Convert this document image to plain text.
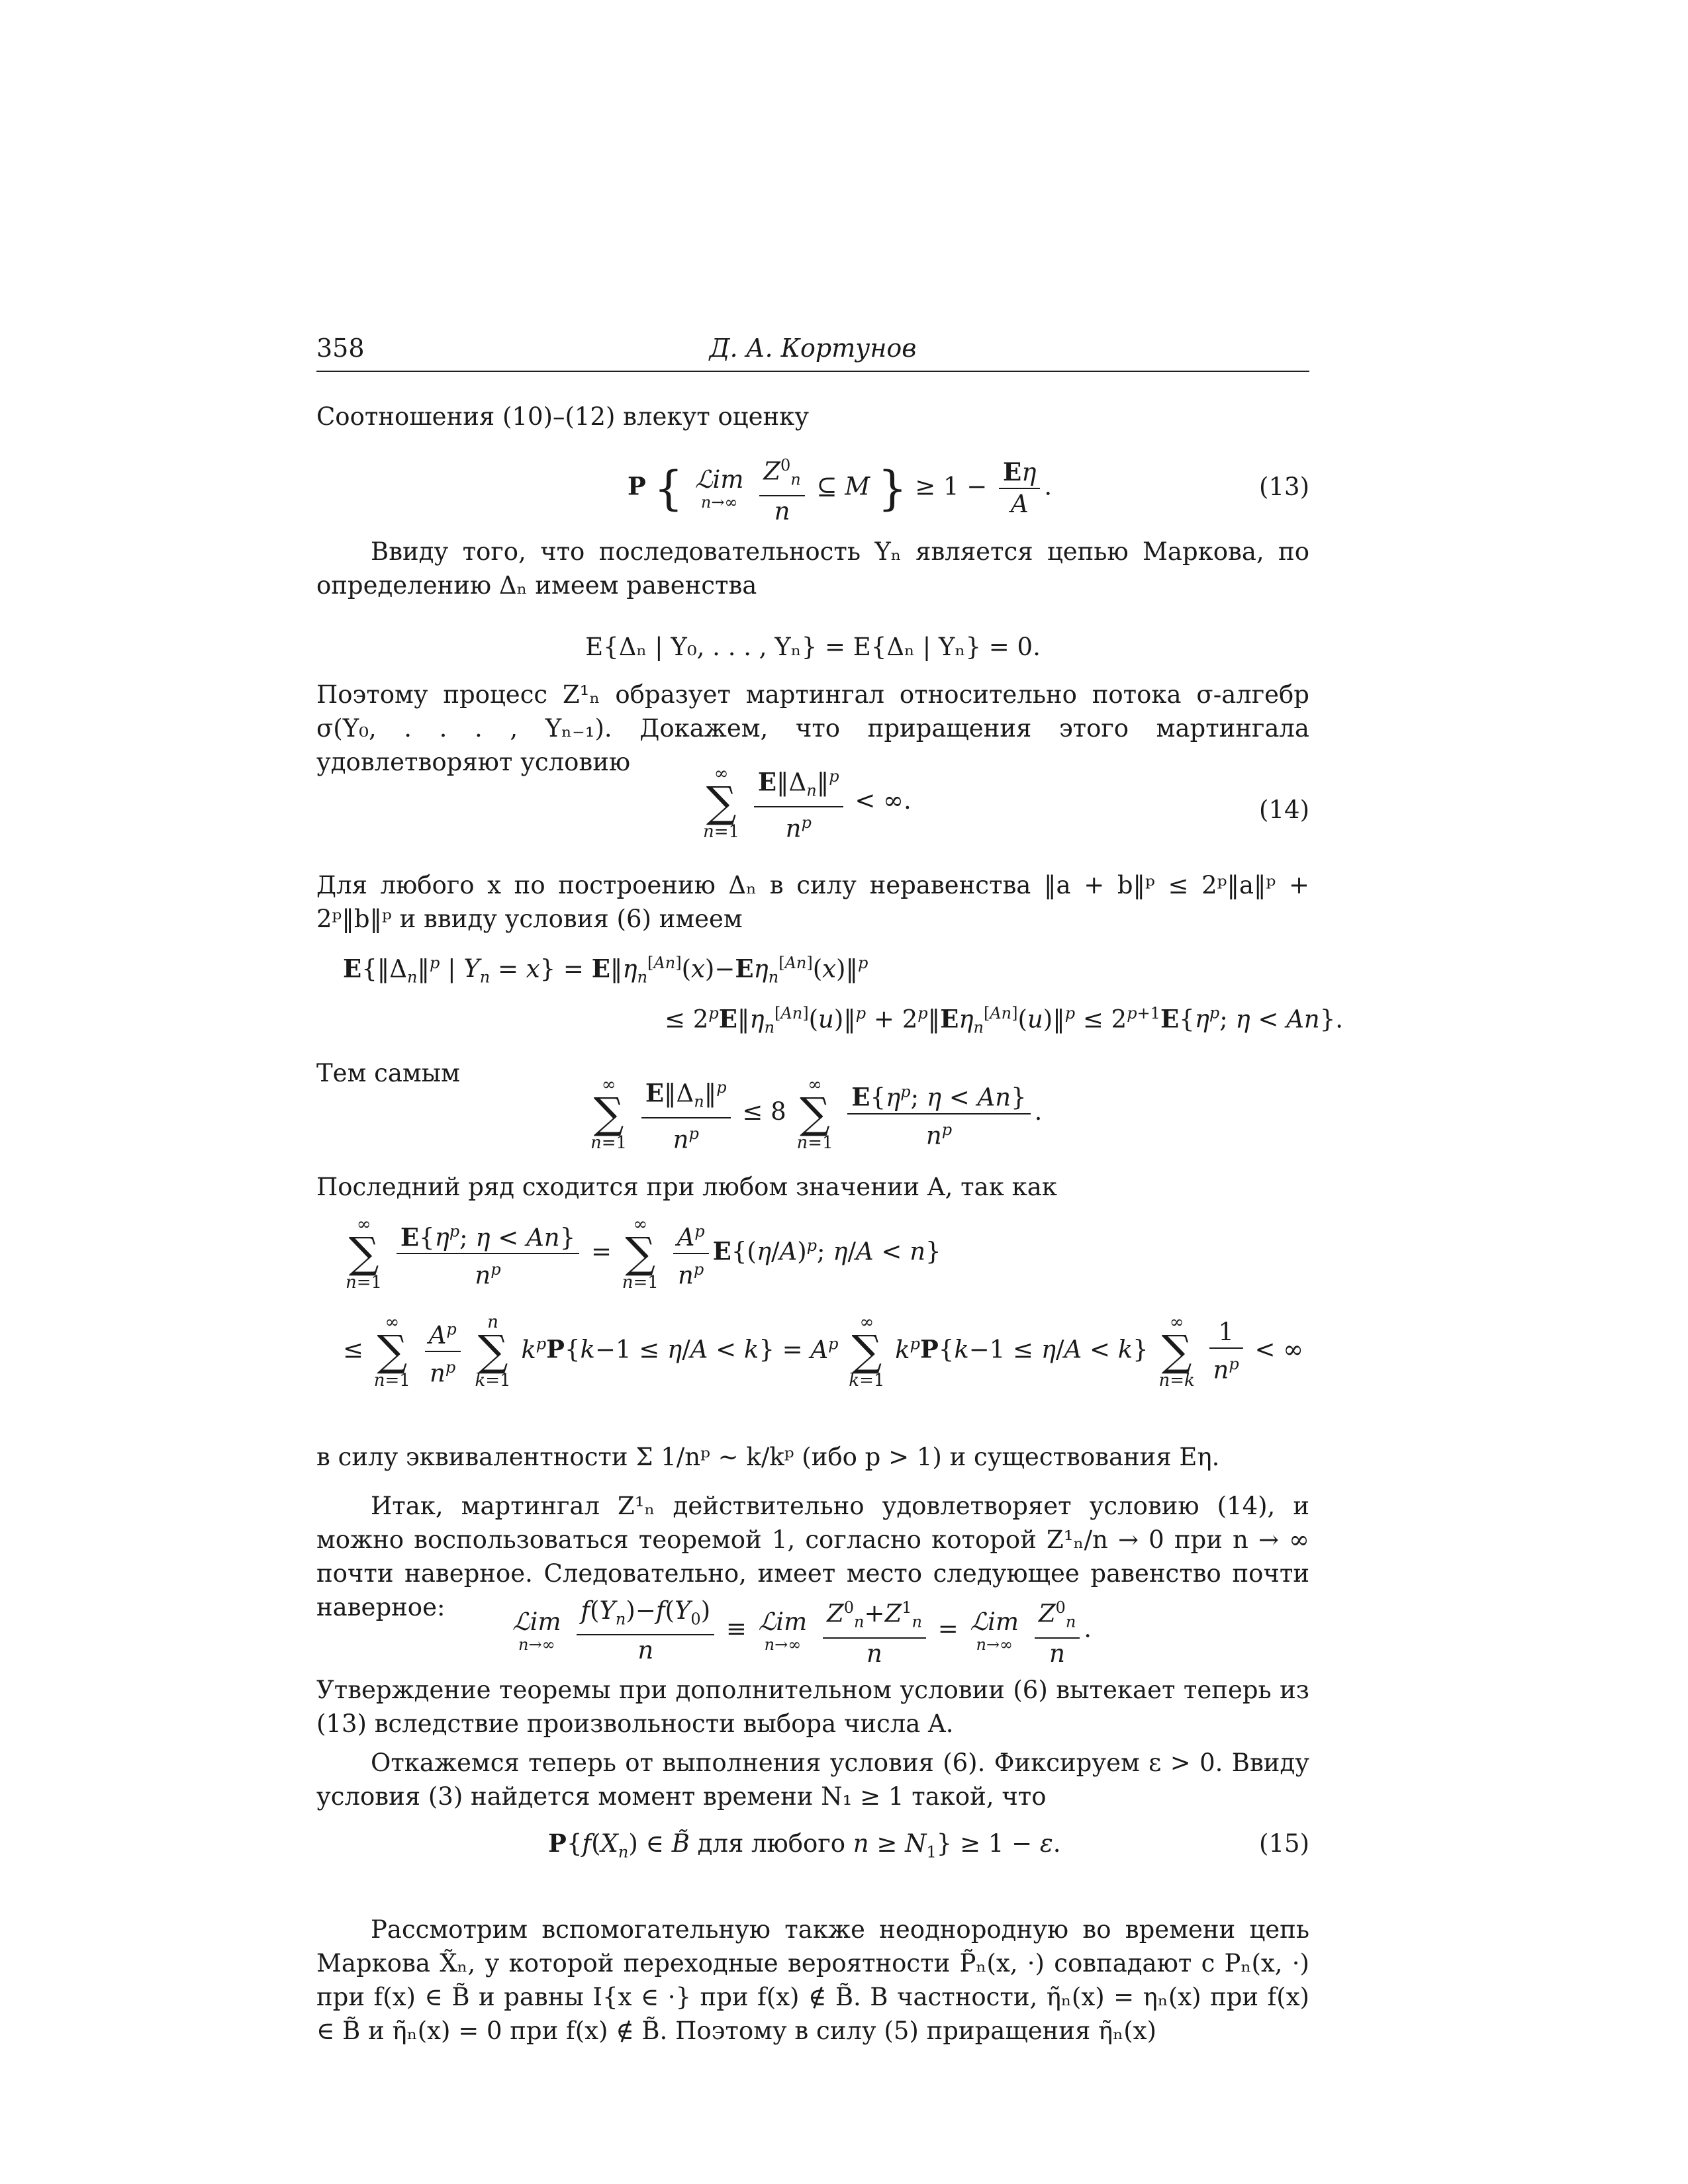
358	Д. А. Кортунов
Соотношения (10)–(12) влекут оценку
P { ℒim
n→∞
$\frac{Z^0_n}{n}$ ⊆ M } ≥ $1 - \frac{E\eta}{A}$ .	(13)
Ввиду того, что последовательность Yₙ является цепью Маркова, по определению Δₙ имеем равенства
E{Δₙ | Y₀, . . . , Yₙ} = E{Δₙ | Yₙ} = 0.
Поэтому процесс Z¹ₙ образует мартингал относительно потока σ-алгебр σ(Y₀, . . . , Yₙ₋₁). Докажем, что приращения этого мартингала удовлетворяют условию	∞
∑
n=1
$\frac{E‖\Delta_n‖^p}{n^p}$ < ∞.	(14)
Для любого x по построению Δₙ в силу неравенства ‖a + b‖ᵖ ≤ 2ᵖ‖a‖ᵖ + 2ᵖ‖b‖ᵖ и ввиду условия (6) имеем
$E\{‖\Delta_n‖^p$ | $Y_n = x$} = $E‖\eta_n[An](x)-E\eta_n[An](x)‖^p$
≤ $2^pE‖\eta_n[An](u)‖^p$ + $2^p‖E\eta_n[An](u)‖^p \le 2^{p+1}E\{\eta^p$; η < An}.
Тем самым	∞
∑
n=1
$\frac{E‖\Delta_n‖^p}{n^p} \le 8$
∞
∑
n=1
$\frac{E\{\eta^p; \eta < An\}}{n^p}$ .
Последний ряд сходится при любом значении A, так как
∞
∑
n=1
$\frac{E\{\eta^p; \eta < An\}}{n^p}$ =
∞
∑
n=1
$\frac{A^p}{n^p} E\{(\eta/A)^p$; η/A < n}
≤
∞
∑
n=1
$\frac{A^p}{n^p}$
	n
∑
k=1
$k^pP\{k-1 \le \eta/A < k\} = A^p$
∞
∑
k=1
$k^pP\{k-1 \le \eta/A < k\}$
∞
∑
n=k
$\frac{1}{n^p}$ < ∞
в силу эквивалентности Σ 1/nᵖ ∼ k/kᵖ (ибо p > 1) и существования Eη.
Итак, мартингал Z¹ₙ действительно удовлетворяет условию (14), и можно воспользоваться теоремой 1, согласно которой Z¹ₙ/n → 0 при n → ∞ почти наверное. Следовательно, имеет место следующее равенство почти наверное:
ℒim
n→∞
$\frac{f(Y_n)-f(Y_0)}{n}$ ≡ ℒim
n→∞
$\frac{Z^0_n+Z^1_n}{n}$ = ℒim
n→∞
$\frac{Z^0_n}{n}$ .
Утверждение теоремы при дополнительном условии (6) вытекает теперь из (13) вследствие произвольности выбора числа A.
Откажемся теперь от выполнения условия (6). Фиксируем ε > 0. Ввиду условия (3) найдется момент времени N₁ ≥ 1 такой, что
$P\{f(X_n)$ ∈ B̃ для любого $n \ge N_1\} \ge 1 - \varepsilon$.	(15)
Рассмотрим вспомогательную также неоднородную во времени цепь Маркова X̃ₙ, у которой переходные вероятности P̃ₙ(x, ·) совпадают с Pₙ(x, ·) при f(x) ∈ B̃ и равны I{x ∈ ·} при f(x) ∉ B̃. В частности, η̃ₙ(x) = ηₙ(x) при f(x) ∈ B̃ и η̃ₙ(x) = 0 при f(x) ∉ B̃. Поэтому в силу (5) приращения η̃ₙ(x)
